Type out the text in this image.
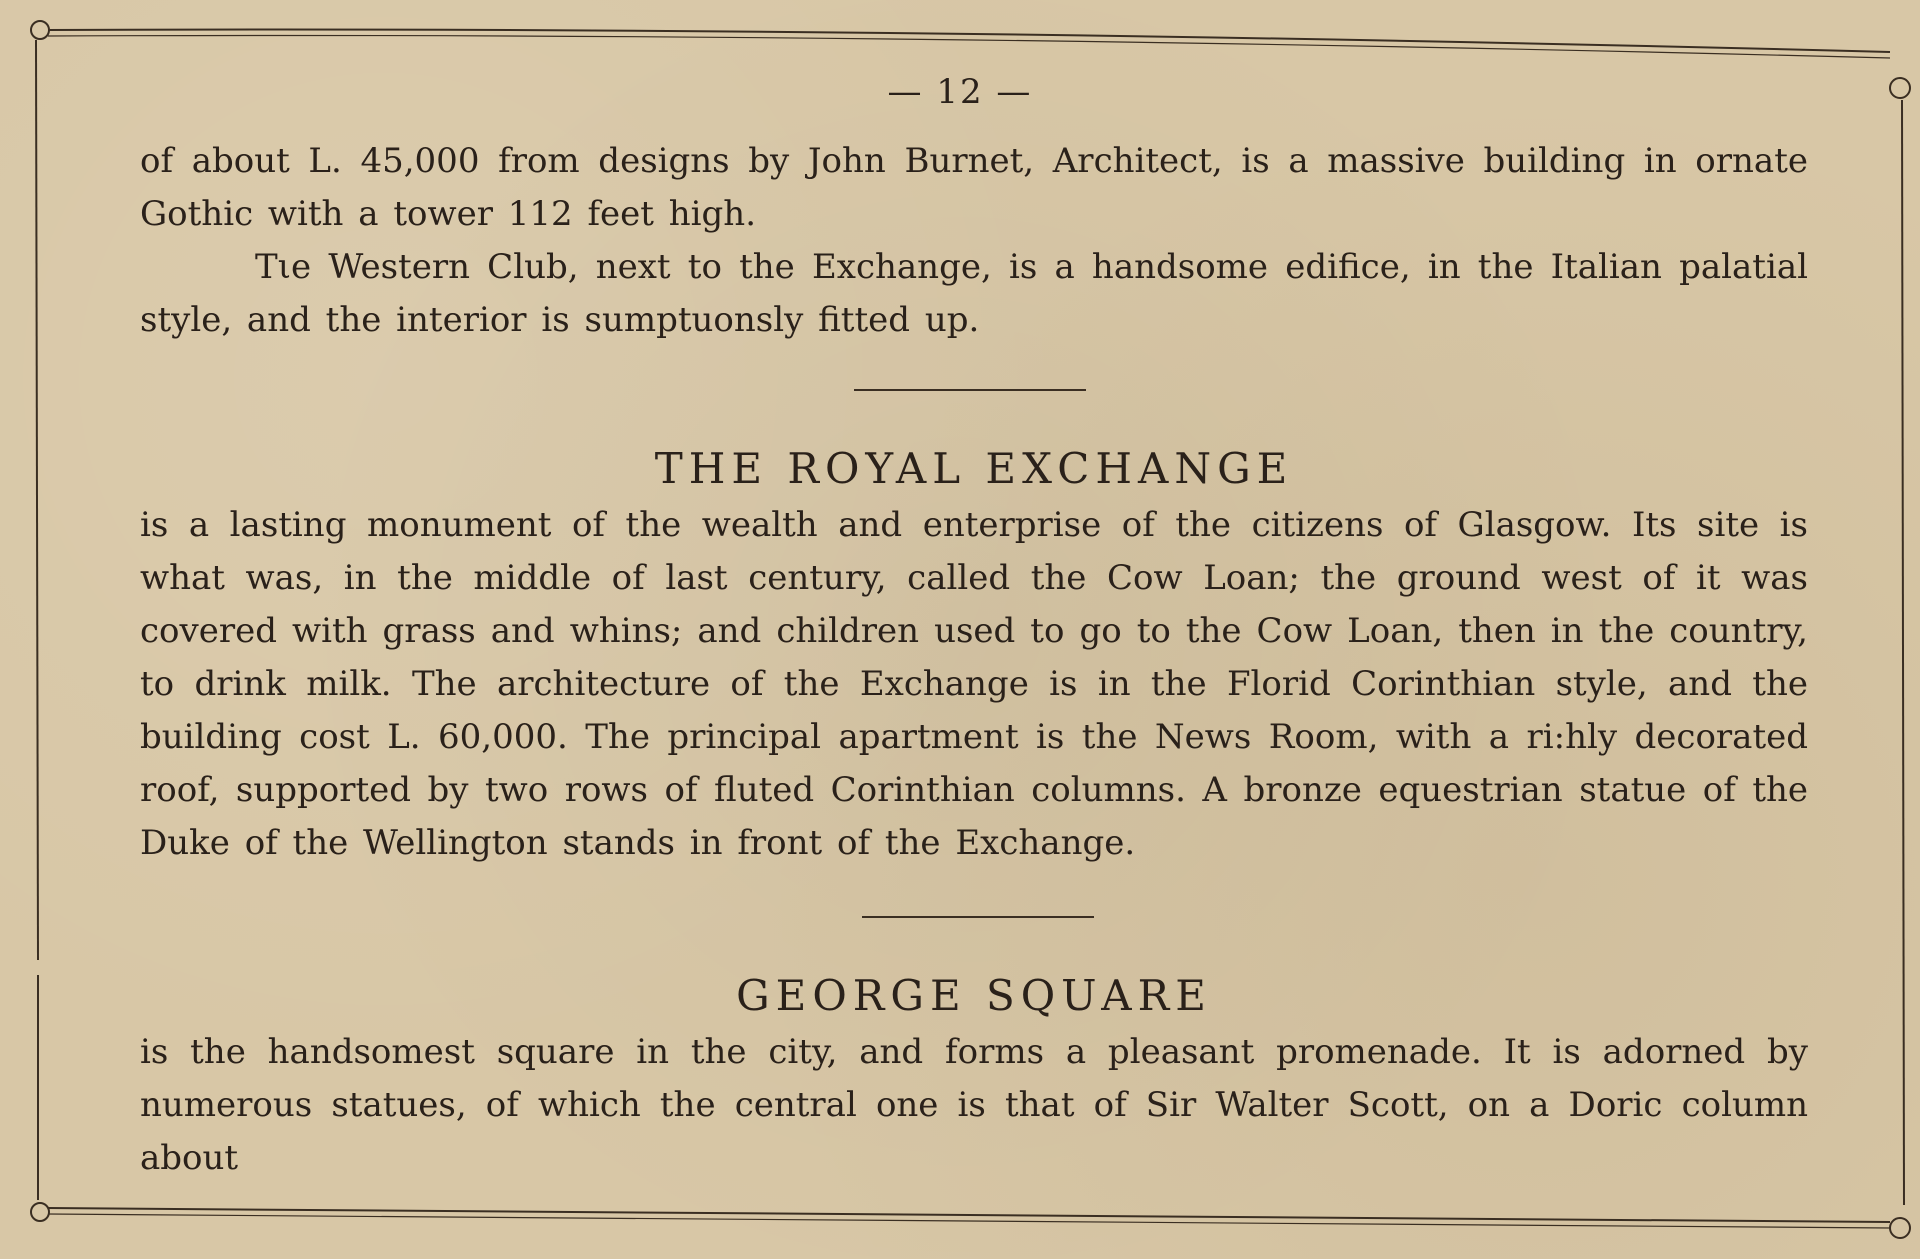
— 12 —

of about L. 45,000 from designs by John Burnet, Architect, is a massive building in ornate Gothic with a tower 112 feet high.

Tιe Western Club, next to the Exchange, is a handsome edifice, in the Italian palatial style, and the interior is sumptuonsly fitted up.

THE ROYAL EXCHANGE

is a lasting monument of the wealth and enterprise of the citizens of Glasgow. Its site is what was, in the middle of last century, called the Cow Loan; the ground west of it was covered with grass and whins; and children used to go to the Cow Loan, then in the country, to drink milk. The architecture of the Exchange is in the Florid Corinthian style, and the building cost L. 60,000. The principal apartment is the News Room, with a ri:hly decorated roof, supported by two rows of fluted Corinthian columns. A bronze equestrian statue of the Duke of the Wellington stands in front of the Exchange.

GEORGE SQUARE

is the handsomest square in the city, and forms a pleasant promenade. It is adorned by numerous statues, of which the central one is that of Sir Walter Scott, on a Doric column about
